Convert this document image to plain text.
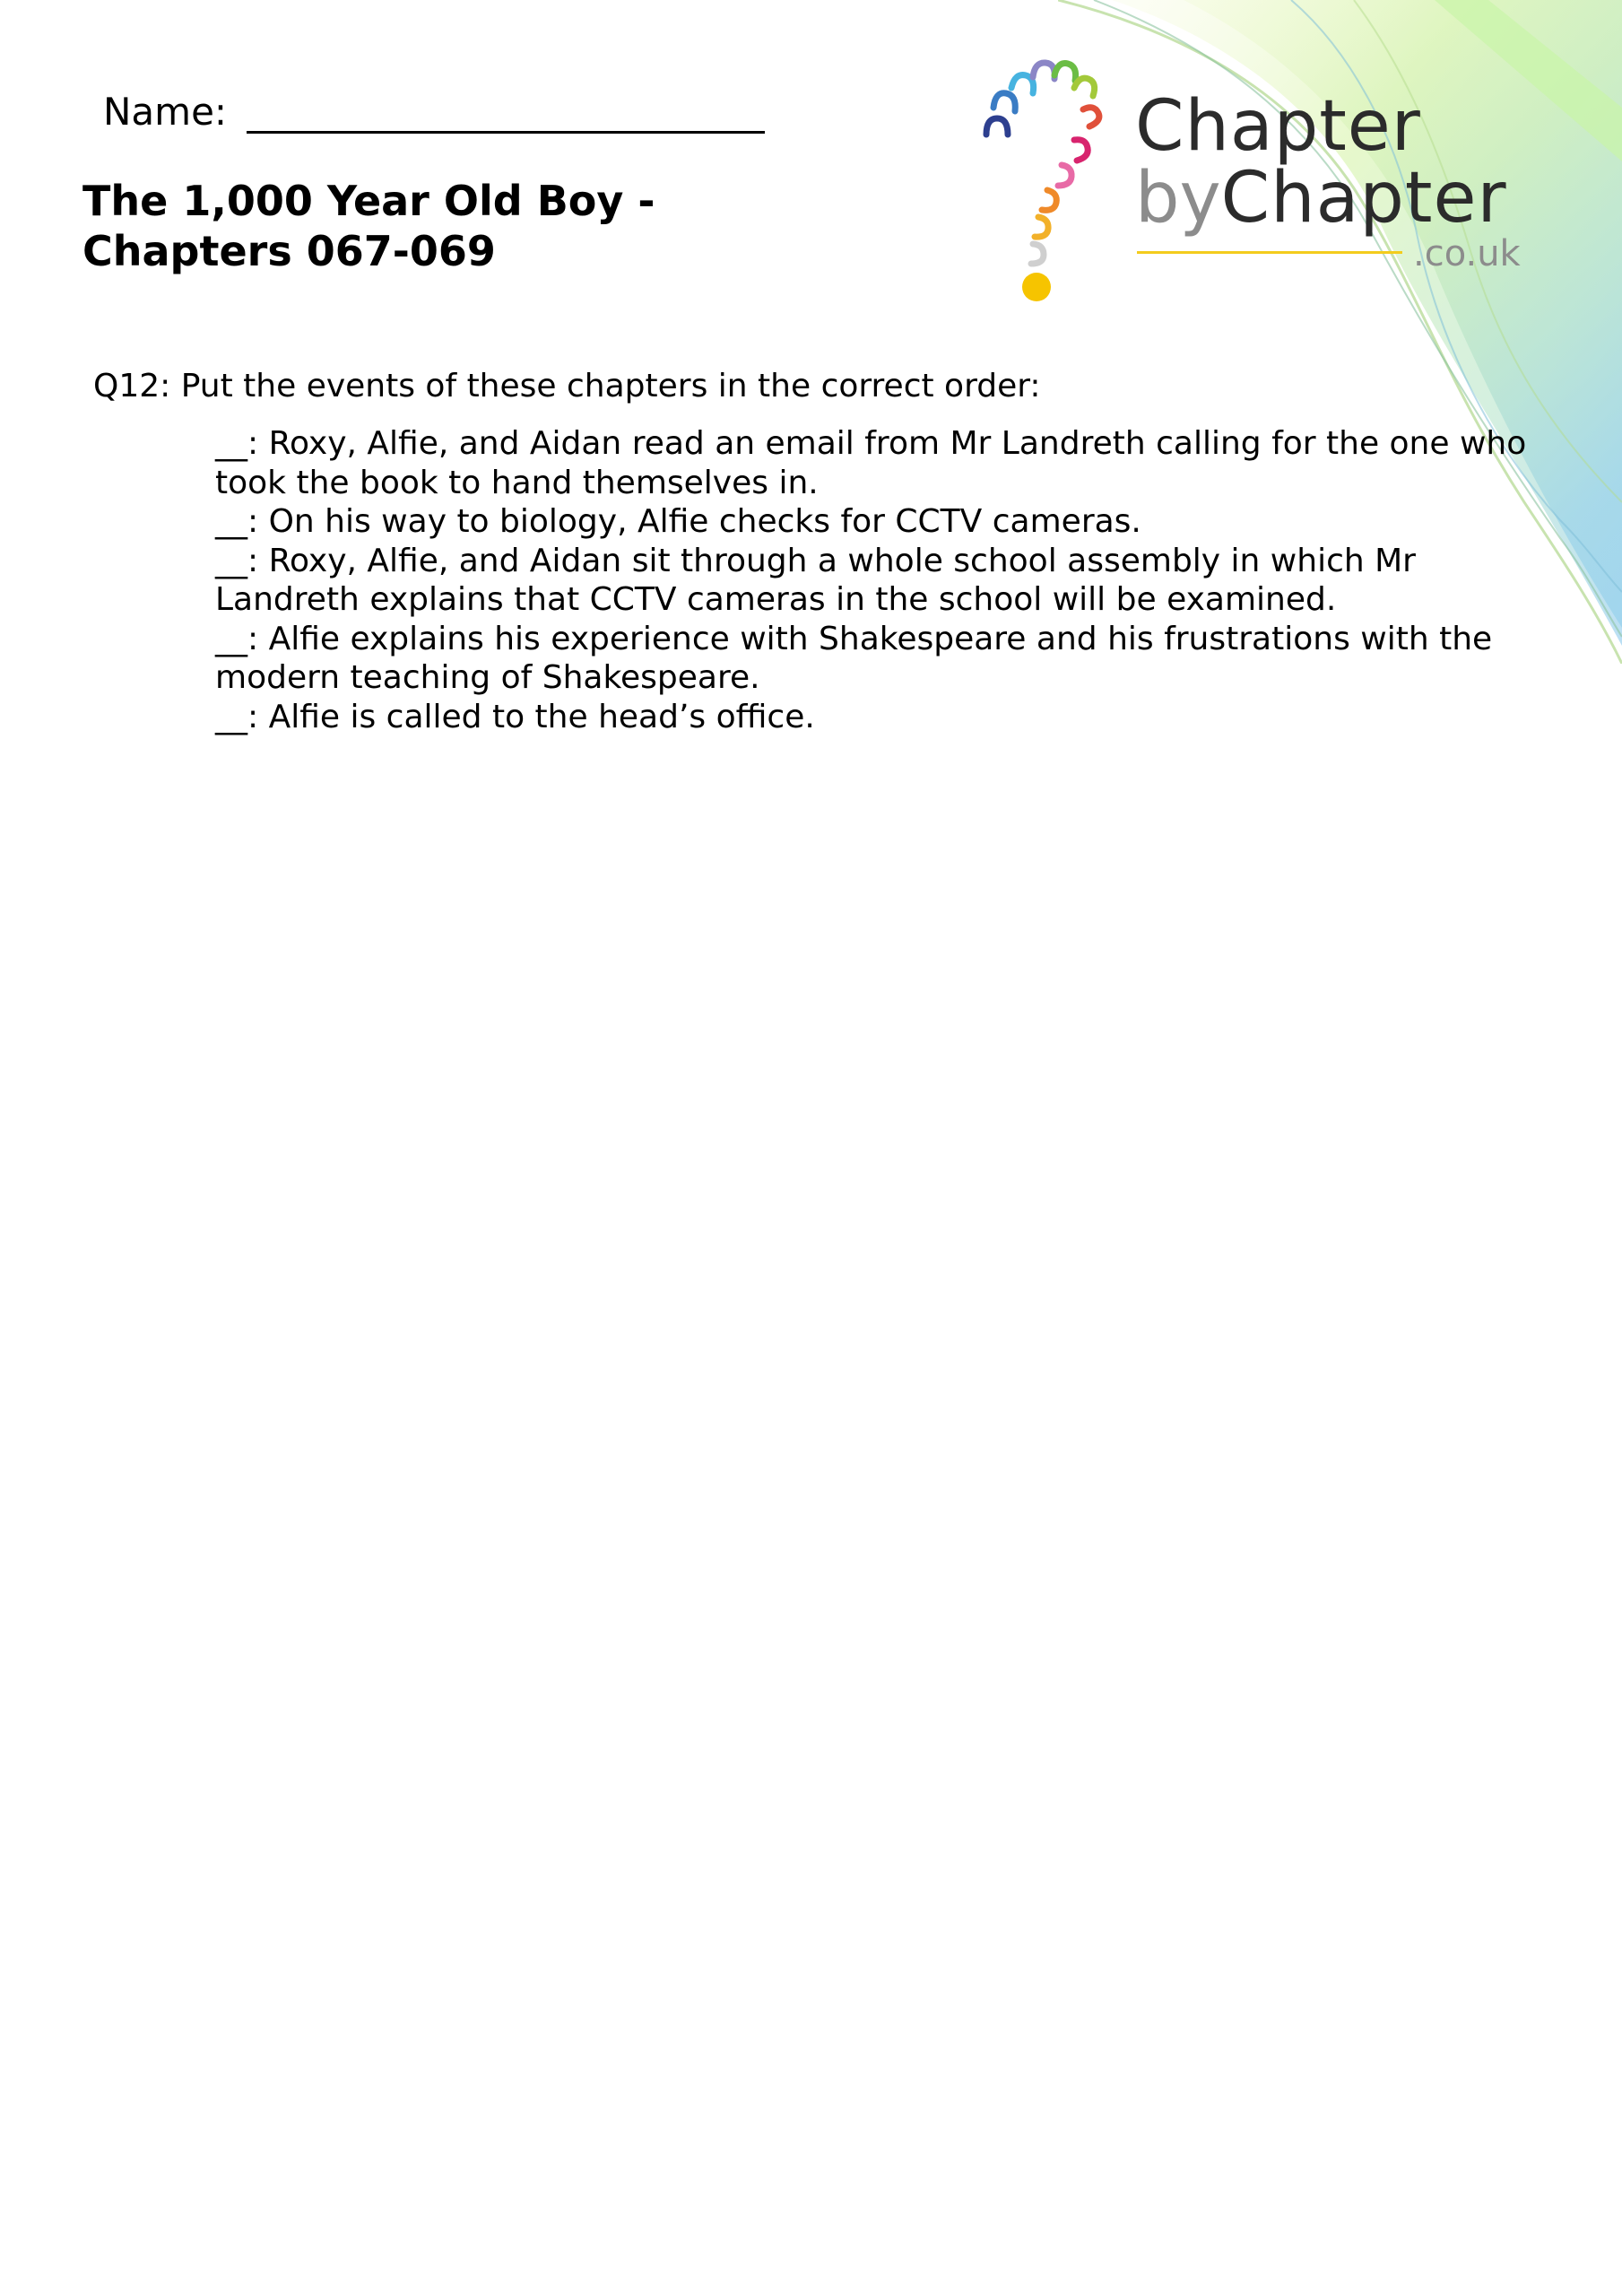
Name:
The 1,000 Year Old Boy -
Chapters 067-069
Chapter
byChapter
.co.uk
Q12: Put the events of these chapters in the correct order:
__: Roxy, Alfie, and Aidan read an email from Mr Landreth calling for the one who took the book to hand themselves in.
__: On his way to biology, Alfie checks for CCTV cameras.
__: Roxy, Alfie, and Aidan sit through a whole school assembly in which Mr Landreth explains that CCTV cameras in the school will be examined.
__: Alfie explains his experience with Shakespeare and his frustrations with the modern teaching of Shakespeare.
__: Alfie is called to the head’s office.
